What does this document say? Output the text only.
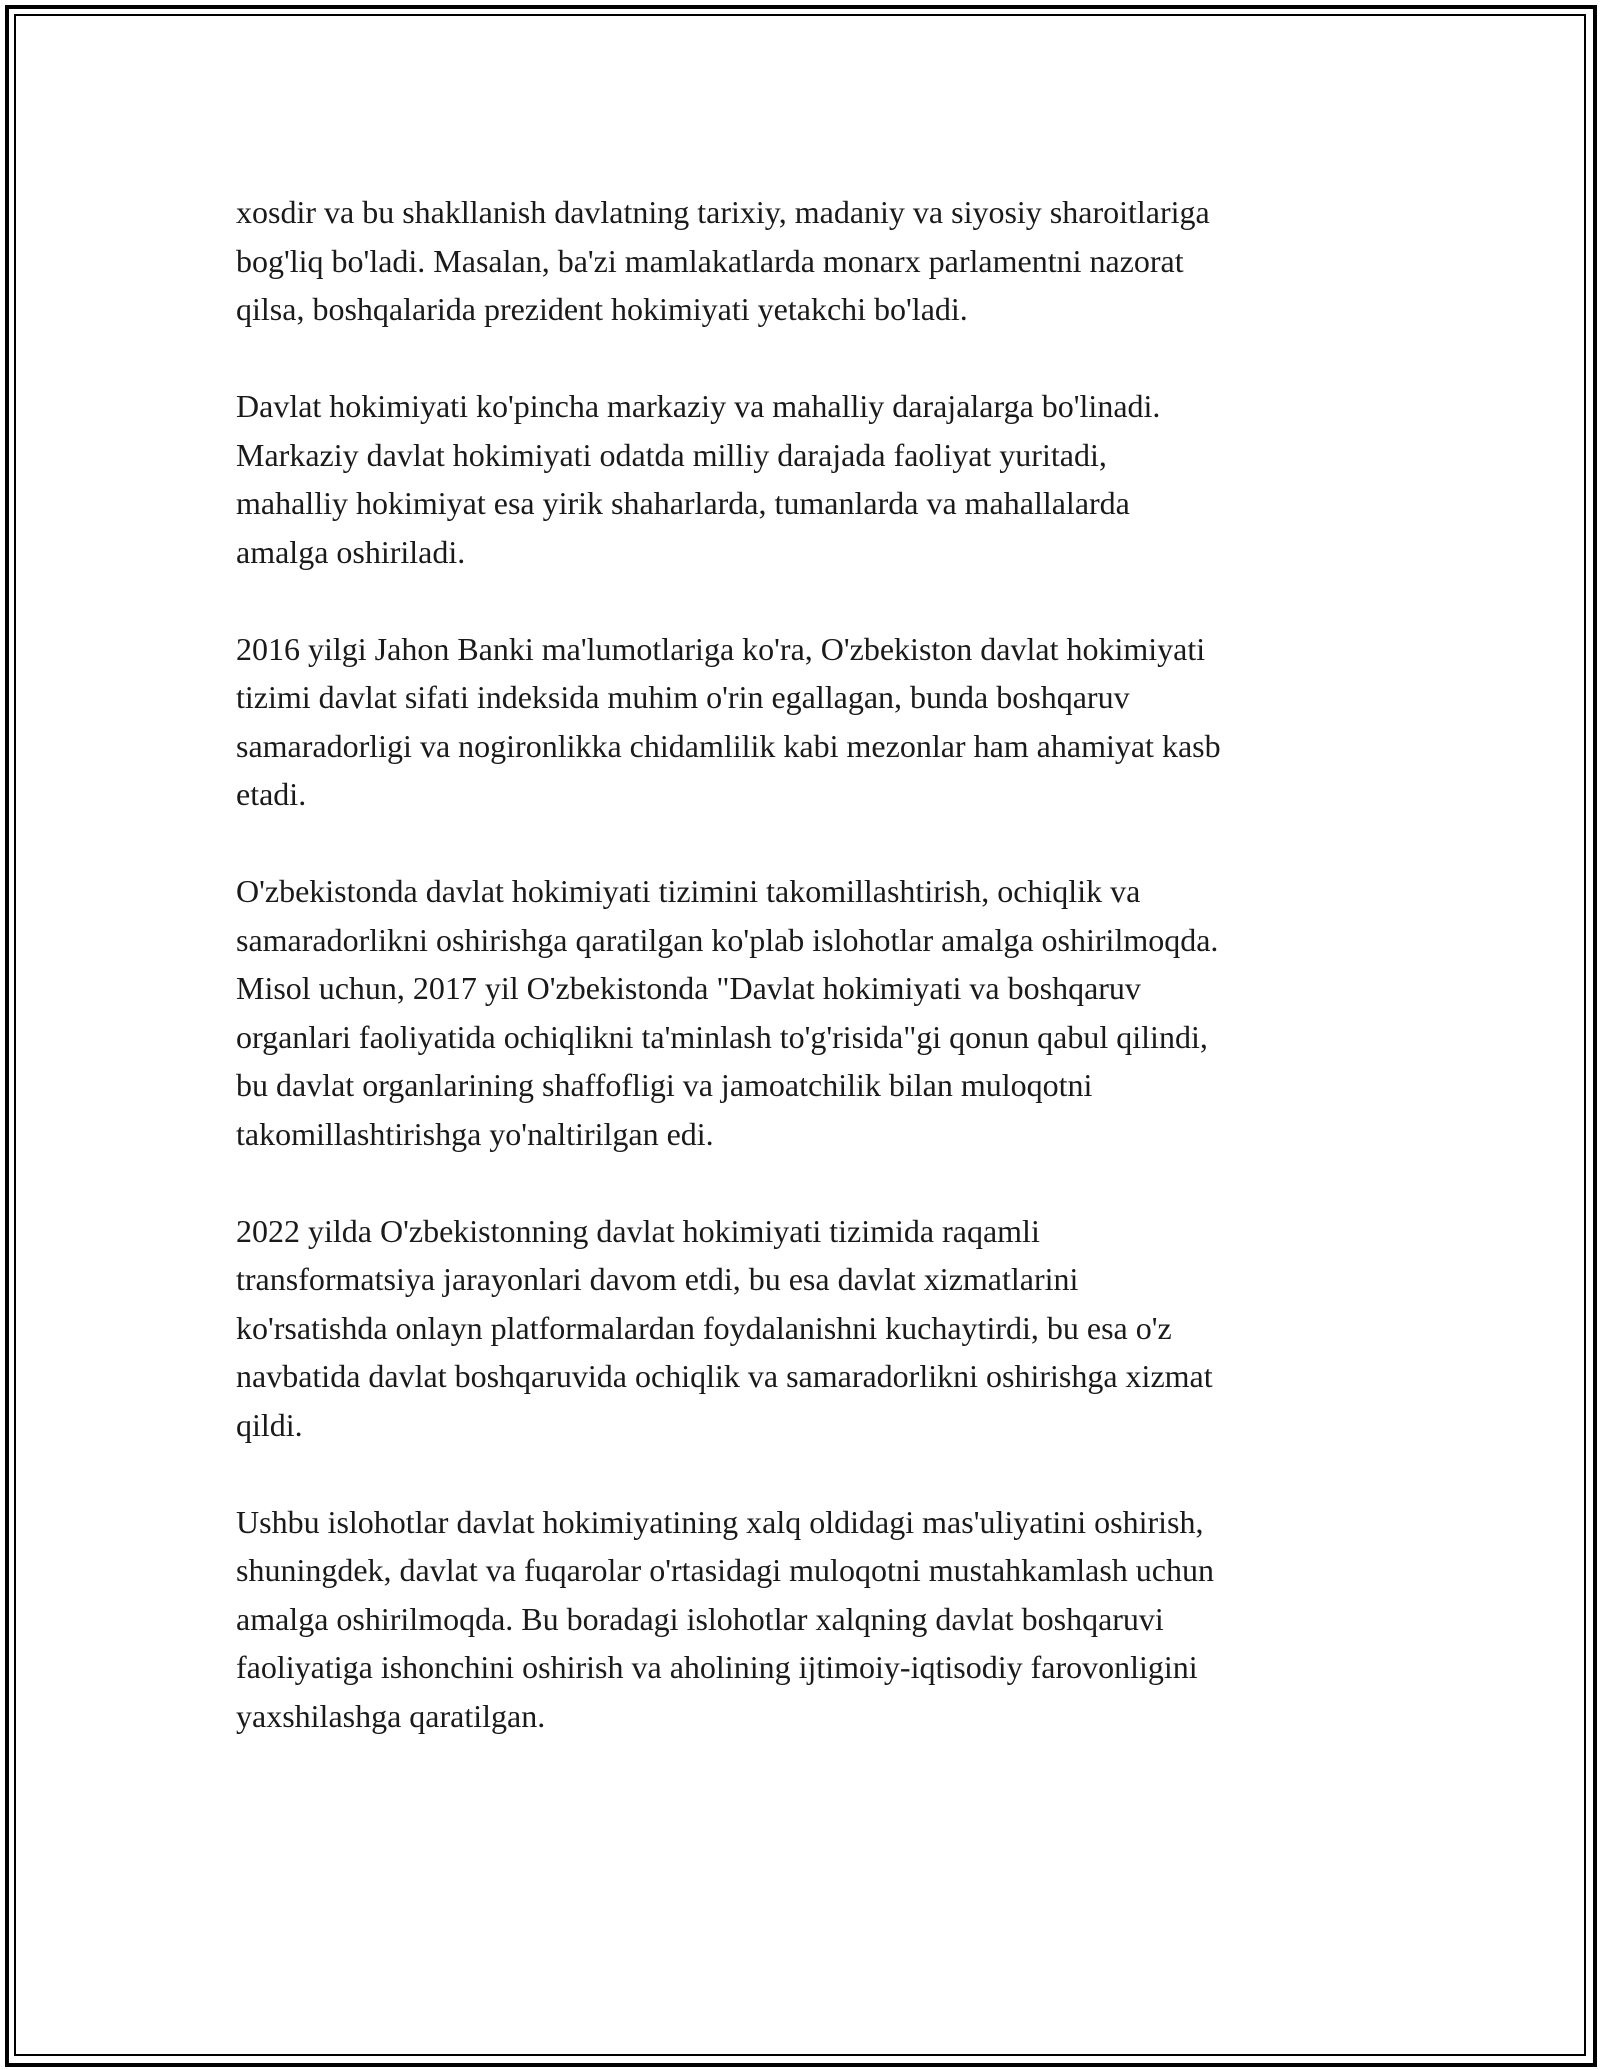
xosdir va bu shakllanish davlatning tarixiy, madaniy va siyosiy sharoitlariga
bog'liq bo'ladi. Masalan, ba'zi mamlakatlarda monarx parlamentni nazorat
qilsa, boshqalarida prezident hokimiyati yetakchi bo'ladi.

Davlat hokimiyati ko'pincha markaziy va mahalliy darajalarga bo'linadi.
Markaziy davlat hokimiyati odatda milliy darajada faoliyat yuritadi,
mahalliy hokimiyat esa yirik shaharlarda, tumanlarda va mahallalarda
amalga oshiriladi.

2016 yilgi Jahon Banki ma'lumotlariga ko'ra, O'zbekiston davlat hokimiyati
tizimi davlat sifati indeksida muhim o'rin egallagan, bunda boshqaruv
samaradorligi va nogironlikka chidamlilik kabi mezonlar ham ahamiyat kasb
etadi.

O'zbekistonda davlat hokimiyati tizimini takomillashtirish, ochiqlik va
samaradorlikni oshirishga qaratilgan ko'plab islohotlar amalga oshirilmoqda.
Misol uchun, 2017 yil O'zbekistonda "Davlat hokimiyati va boshqaruv
organlari faoliyatida ochiqlikni ta'minlash to'g'risida"gi qonun qabul qilindi,
bu davlat organlarining shaffofligi va jamoatchilik bilan muloqotni
takomillashtirishga yo'naltirilgan edi.

2022 yilda O'zbekistonning davlat hokimiyati tizimida raqamli
transformatsiya jarayonlari davom etdi, bu esa davlat xizmatlarini
ko'rsatishda onlayn platformalardan foydalanishni kuchaytirdi, bu esa o'z
navbatida davlat boshqaruvida ochiqlik va samaradorlikni oshirishga xizmat
qildi.

Ushbu islohotlar davlat hokimiyatining xalq oldidagi mas'uliyatini oshirish,
shuningdek, davlat va fuqarolar o'rtasidagi muloqotni mustahkamlash uchun
amalga oshirilmoqda. Bu boradagi islohotlar xalqning davlat boshqaruvi
faoliyatiga ishonchini oshirish va aholining ijtimoiy-iqtisodiy farovonligini
yaxshilashga qaratilgan.
